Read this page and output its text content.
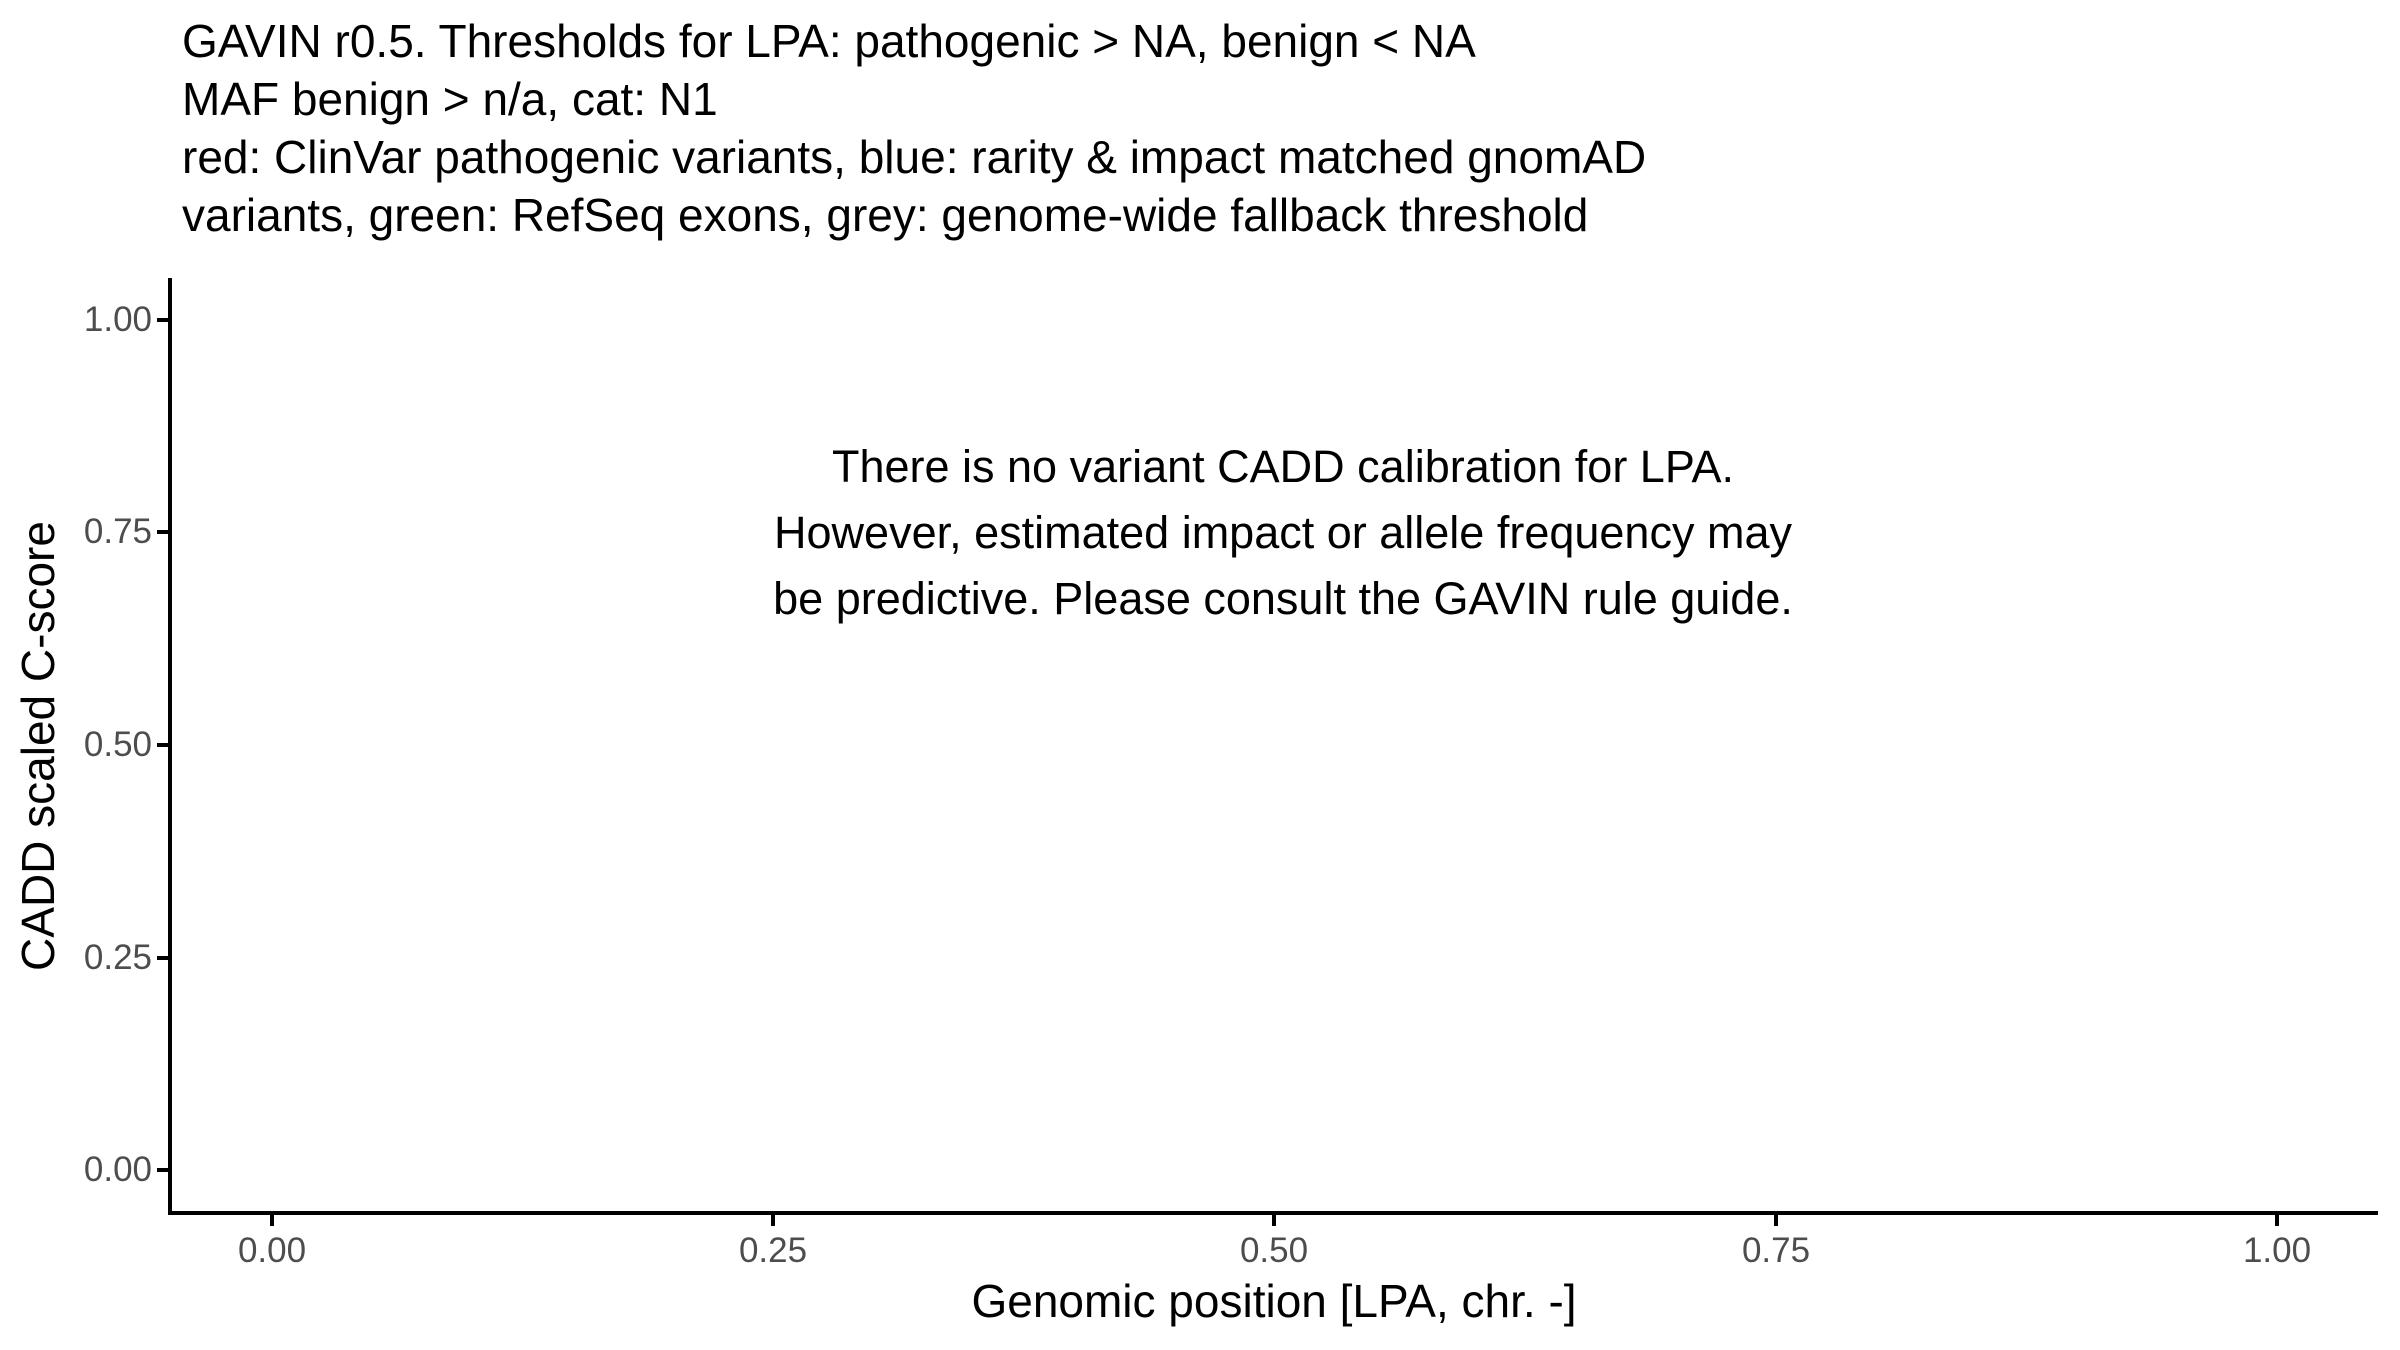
GAVIN r0.5. Thresholds for LPA: pathogenic > NA, benign < NA
MAF benign > n/a, cat: N1
red: ClinVar pathogenic variants, blue: rarity & impact matched gnomAD
variants, green: RefSeq exons, grey: genome-wide fallback threshold
There is no variant CADD calibration for LPA.
However, estimated impact or allele frequency may
be predictive. Please consult the GAVIN rule guide.
1.00
0.75
0.50
0.25
0.00
0.00	0.25	0.50	0.75	1.00
Genomic position [LPA, chr. -]
CADD scaled C-score
